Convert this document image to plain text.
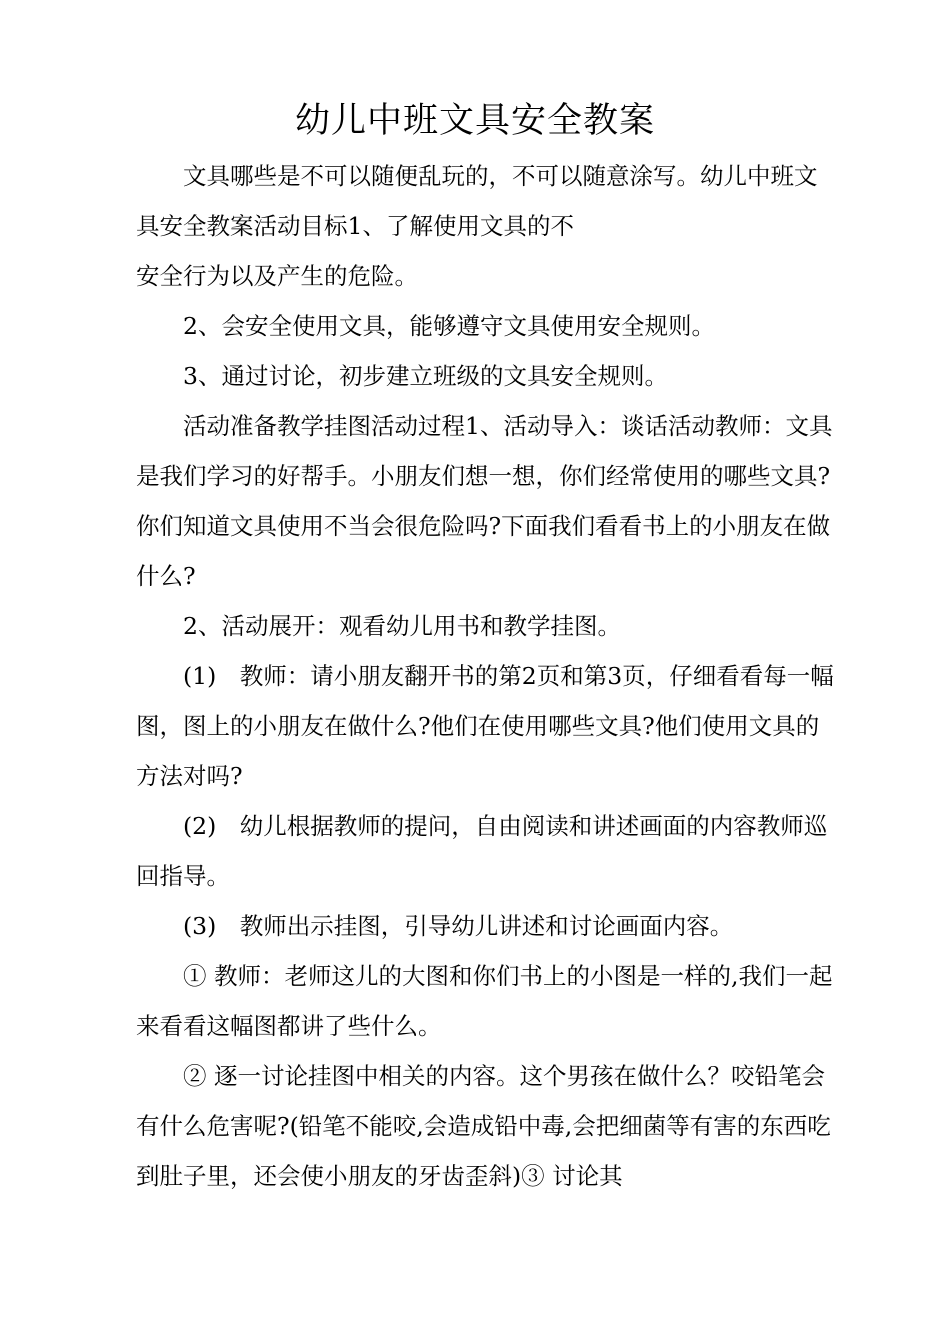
幼儿中班文具安全教案

文具哪些是不可以随便乱玩的，不可以随意涂写。幼儿中班文具安全教案活动目标1、了解使用文具的不

安全行为以及产生的危险。

2、会安全使用文具，能够遵守文具使用安全规则。

3、通过讨论，初步建立班级的文具安全规则。

活动准备教学挂图活动过程1、活动导入：谈话活动教师：文具是我们学习的好帮手。小朋友们想一想，你们经常使用的哪些文具?你们知道文具使用不当会很危险吗?下面我们看看书上的小朋友在做什么?

2、活动展开：观看幼儿用书和教学挂图。

(1)　教师：请小朋友翻开书的第2页和第3页，仔细看看每一幅图，图上的小朋友在做什么?他们在使用哪些文具?他们使用文具的方法对吗?

(2)　幼儿根据教师的提问，自由阅读和讲述画面的内容教师巡回指导。

(3)　教师出示挂图，引导幼儿讲述和讨论画面内容。

① 教师：老师这儿的大图和你们书上的小图是一样的,我们一起来看看这幅图都讲了些什么。

② 逐一讨论挂图中相关的内容。这个男孩在做什么？咬铅笔会有什么危害呢?(铅笔不能咬,会造成铅中毒,会把细菌等有害的东西吃到肚子里，还会使小朋友的牙齿歪斜)③ 讨论其
